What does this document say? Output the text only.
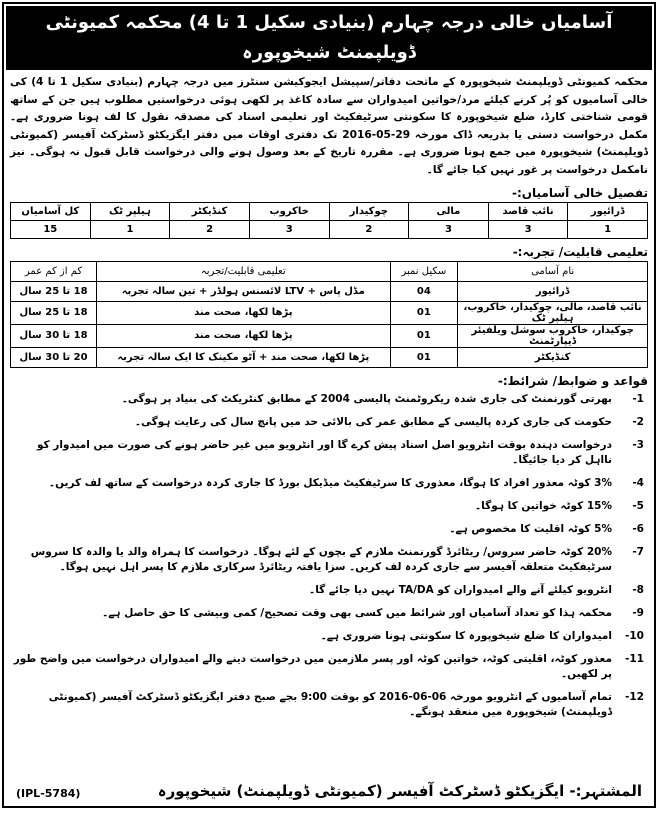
آسامیاں خالی درجہ چہارم (بنیادی سکیل 1 تا 4) محکمہ کمیونٹی ڈویلپمنٹ شیخوپورہ
محکمہ کمیونٹی ڈویلپمنٹ شیخوپورہ کے ماتحت دفاتر/سپیشل ایجوکیشن سنٹرز میں درجہ چہارم (بنیادی سکیل 1 تا 4) کی خالی آسامیوں کو پُر کرنے کیلئے مرد/خواتین امیدواران سے سادہ کاغذ پر لکھی ہوئی درخواستیں مطلوب ہیں جن کے ساتھ قومی شناختی کارڈ، ضلع شیخوپورہ کا سکونتی سرٹیفکیٹ اور تعلیمی اسناد کی مصدقہ نقول کا لف ہونا ضروری ہے۔ مکمل درخواست دستی یا بذریعہ ڈاک مورخہ 29-05-2016 تک دفتری اوقات میں دفتر ایگزیکٹو ڈسٹرکٹ آفیسر (کمیونٹی ڈویلپمنٹ) شیخوپورہ میں جمع ہونا ضروری ہے۔ مقررہ تاریخ کے بعد وصول ہونے والی درخواست قابل قبول نہ ہوگی۔ نیز نامکمل درخواست پر غور نہیں کیا جائے گا۔
تفصیل خالی آسامیاں:-
ڈرائیور	نائب قاصد	مالی	چوکیدار	خاکروب	کنڈیکٹر	ہیلپر ٹک	کل آسامیاں
1	3	3	2	3	2	1	15
تعلیمی قابلیت/ تجربہ:-
نام آسامی	سکیل نمبر	تعلیمی قابلیت/تجربہ	کم از کم عمر
ڈرائیور	04	مڈل پاس + LTV لائسنس ہولڈر + تین سالہ تجربہ	18 تا 25 سال
نائب قاصد، مالی، چوکیدار، خاکروب، ہیلپر ٹک	01	پڑھا لکھا، صحت مند	18 تا 25 سال
چوکیدار، خاکروب سوشل ویلفیئر ڈیپارٹمنٹ	01	پڑھا لکھا، صحت مند	18 تا 30 سال
کنڈیکٹر	01	پڑھا لکھا، صحت مند + آٹو مکینک کا ایک سالہ تجربہ	20 تا 30 سال
قواعد و ضوابط/ شرائط:-
-1
بھرتی گورنمنٹ کی جاری شدہ ریکروٹمنٹ پالیسی 2004 کے مطابق کنٹریکٹ کی بنیاد پر ہوگی۔
-2
حکومت کی جاری کردہ پالیسی کے مطابق عمر کی بالائی حد میں پانچ سال کی رعایت ہوگی۔
-3
درخواست دہندہ بوقت انٹرویو اصل اسناد پیش کرے گا اور انٹرویو میں غیر حاضر ہونے کی صورت میں امیدوار کو نااہل کر دیا جائیگا۔
-4
3% کوٹہ معذور افراد کا ہوگا، معذوری کا سرٹیفکیٹ میڈیکل بورڈ کا جاری کردہ درخواست کے ساتھ لف کریں۔
-5
15% کوٹہ خواتین کا ہوگا۔
-6
5% کوٹہ اقلیت کا مخصوص ہے۔
-7
20% کوٹہ حاضر سروس/ ریٹائرڈ گورنمنٹ ملازم کے بچوں کے لئے ہوگا۔ درخواست کا ہمراہ والد یا والدہ کا سروس سرٹیفکیٹ متعلقہ آفیسر سے جاری کردہ لف کریں۔ سزا یافتہ ریٹائرڈ سرکاری ملازم کا پسر اہل نہیں ہوگا۔
-8
انٹرویو کیلئے آنے والے امیدواران کو TA/DA نہیں دیا جائے گا۔
-9
محکمہ ہذا کو تعداد آسامیاں اور شرائط میں کسی بھی وقت تصحیح/ کمی وبیشی کا حق حاصل ہے۔
-10
امیدواران کا ضلع شیخوپورہ کا سکونتی ہونا ضروری ہے۔
-11
معذور کوٹہ، اقلیتی کوٹہ، خواتین کوٹہ اور پسر ملازمین میں درخواست دینے والے امیدواران درخواست میں واضح طور پر لکھیں۔
-12
تمام آسامیوں کے انٹرویو مورخہ 06-06-2016 کو بوقت 9:00 بجے صبح دفتر ایگزیکٹو ڈسٹرکٹ آفیسر (کمیونٹی ڈویلپمنٹ) شیخوپورہ میں منعقد ہونگے۔
المشتہر:- ایگزیکٹو ڈسٹرکٹ آفیسر (کمیونٹی ڈویلپمنٹ) شیخوپورہ
(IPL-5784)
